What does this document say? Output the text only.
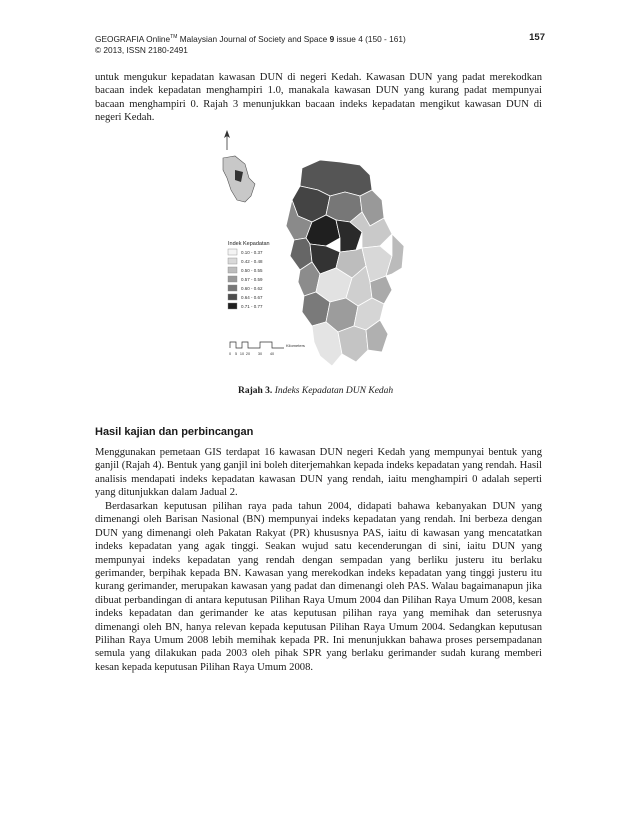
GEOGRAFIA Online™ Malaysian Journal of Society and Space 9 issue 4 (150 - 161)
© 2013, ISSN 2180-2491
157

untuk mengukur kepadatan kawasan DUN di negeri Kedah. Kawasan DUN yang padat merekodkan bacaan indek kepadatan menghampiri 1.0, manakala kawasan DUN yang kurang padat mempunyai bacaan menghampiri 0. Rajah 3 menunjukkan bacaan indeks kepadatan mengikut kawasan DUN di negeri Kedah.

Indek Kepadatan
0.10 - 0.37
0.42 - 0.48
0.50 - 0.55
0.57 - 0.59
0.60 - 0.62
0.64 - 0.67
0.71 - 0.77
Kilometers
0 5 10 20 30 40
Rajah 3. Indeks Kepadatan DUN Kedah
Hasil kajian dan perbincangan

Menggunakan pemetaan GIS terdapat 16 kawasan DUN negeri Kedah yang mempunyai bentuk yang ganjil (Rajah 4). Bentuk yang ganjil ini boleh diterjemahkan kepada indeks kepadatan yang rendah. Hasil analisis mendapati indeks kepadatan kawasan DUN yang rendah, iaitu menghampiri 0 adalah seperti yang ditunjukkan dalam Jadual 2.

Berdasarkan keputusan pilihan raya pada tahun 2004, didapati bahawa kebanyakan DUN yang dimenangi oleh Barisan Nasional (BN) mempunyai indeks kepadatan yang rendah. Ini berbeza dengan DUN yang dimenangi oleh Pakatan Rakyat (PR) khususnya PAS, iaitu di kawasan yang mencatatkan indeks kepadatan yang agak tinggi. Seakan wujud satu kecenderungan di sini, iaitu DUN yang mempunyai indeks kepadatan yang rendah dengan sempadan yang berliku justeru itu berlaku gerimander, berpihak kepada BN. Kawasan yang merekodkan indeks kepadatan yang tinggi justeru itu kurang gerimander, merupakan kawasan yang padat dan dimenangi oleh PAS. Walau bagaimanapun jika dibuat perbandingan di antara keputusan Pilihan Raya Umum 2004 dan Pilihan Raya Umum 2008, kesan indeks kepadatan dan gerimander ke atas keputusan pilihan raya yang memihak dan seterusnya dimenangi oleh BN, hanya relevan kepada keputusan Pilihan Raya Umum 2004. Sedangkan keputusan Pilihan Raya Umum 2008 lebih memihak kepada PR. Ini menunjukkan bahawa proses persempadanan semula yang dilakukan pada 2003 oleh pihak SPR yang berlaku gerimander sudah kurang memberi kesan kepada keputusan Pilihan Raya Umum 2008.
